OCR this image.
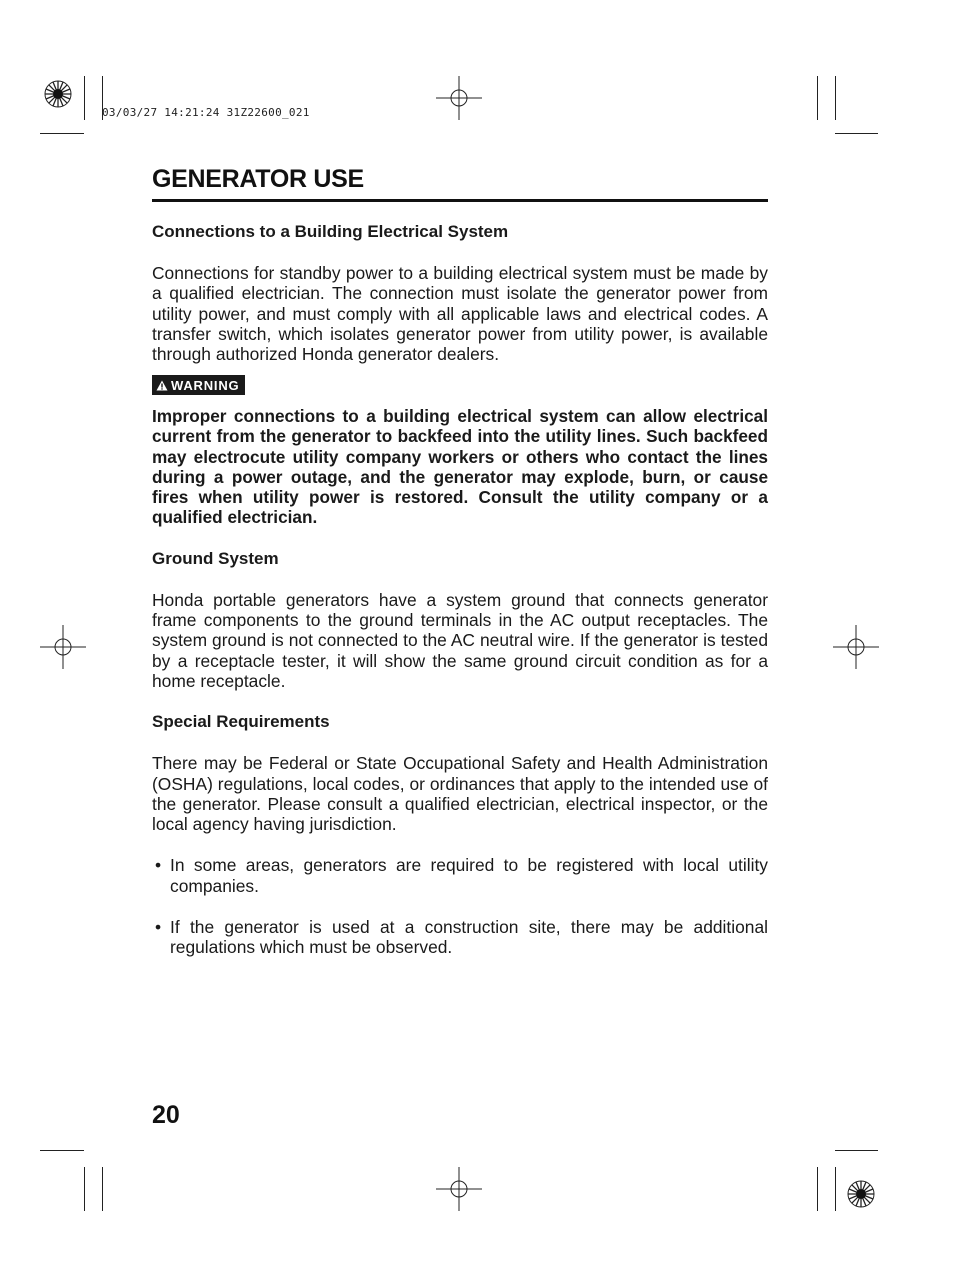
03/03/27 14:21:24 31Z22600_021
GENERATOR USE

Connections to a Building Electrical System

Connections for standby power to a building electrical system must be made by a qualified electrician. The connection must isolate the generator power from utility power, and must comply with all applicable laws and electrical codes. A transfer switch, which isolates generator power from utility power, is available through authorized Honda generator dealers.

WARNING

Improper connections to a building electrical system can allow electrical current from the generator to backfeed into the utility lines. Such backfeed may electrocute utility company workers or others who contact the lines during a power outage, and the generator may explode, burn, or cause fires when utility power is restored. Consult the utility company or a qualified electrician.

Ground System

Honda portable generators have a system ground that connects generator frame components to the ground terminals in the AC output receptacles. The system ground is not connected to the AC neutral wire. If the generator is tested by a receptacle tester, it will show the same ground circuit condition as for a home receptacle.

Special Requirements

There may be Federal or State Occupational Safety and Health Administration (OSHA) regulations, local codes, or ordinances that apply to the intended use of the generator. Please consult a qualified electrician, electrical inspector, or the local agency having jurisdiction.

• In some areas, generators are required to be registered with local utility companies.

• If the generator is used at a construction site, there may be additional regulations which must be observed.

20
